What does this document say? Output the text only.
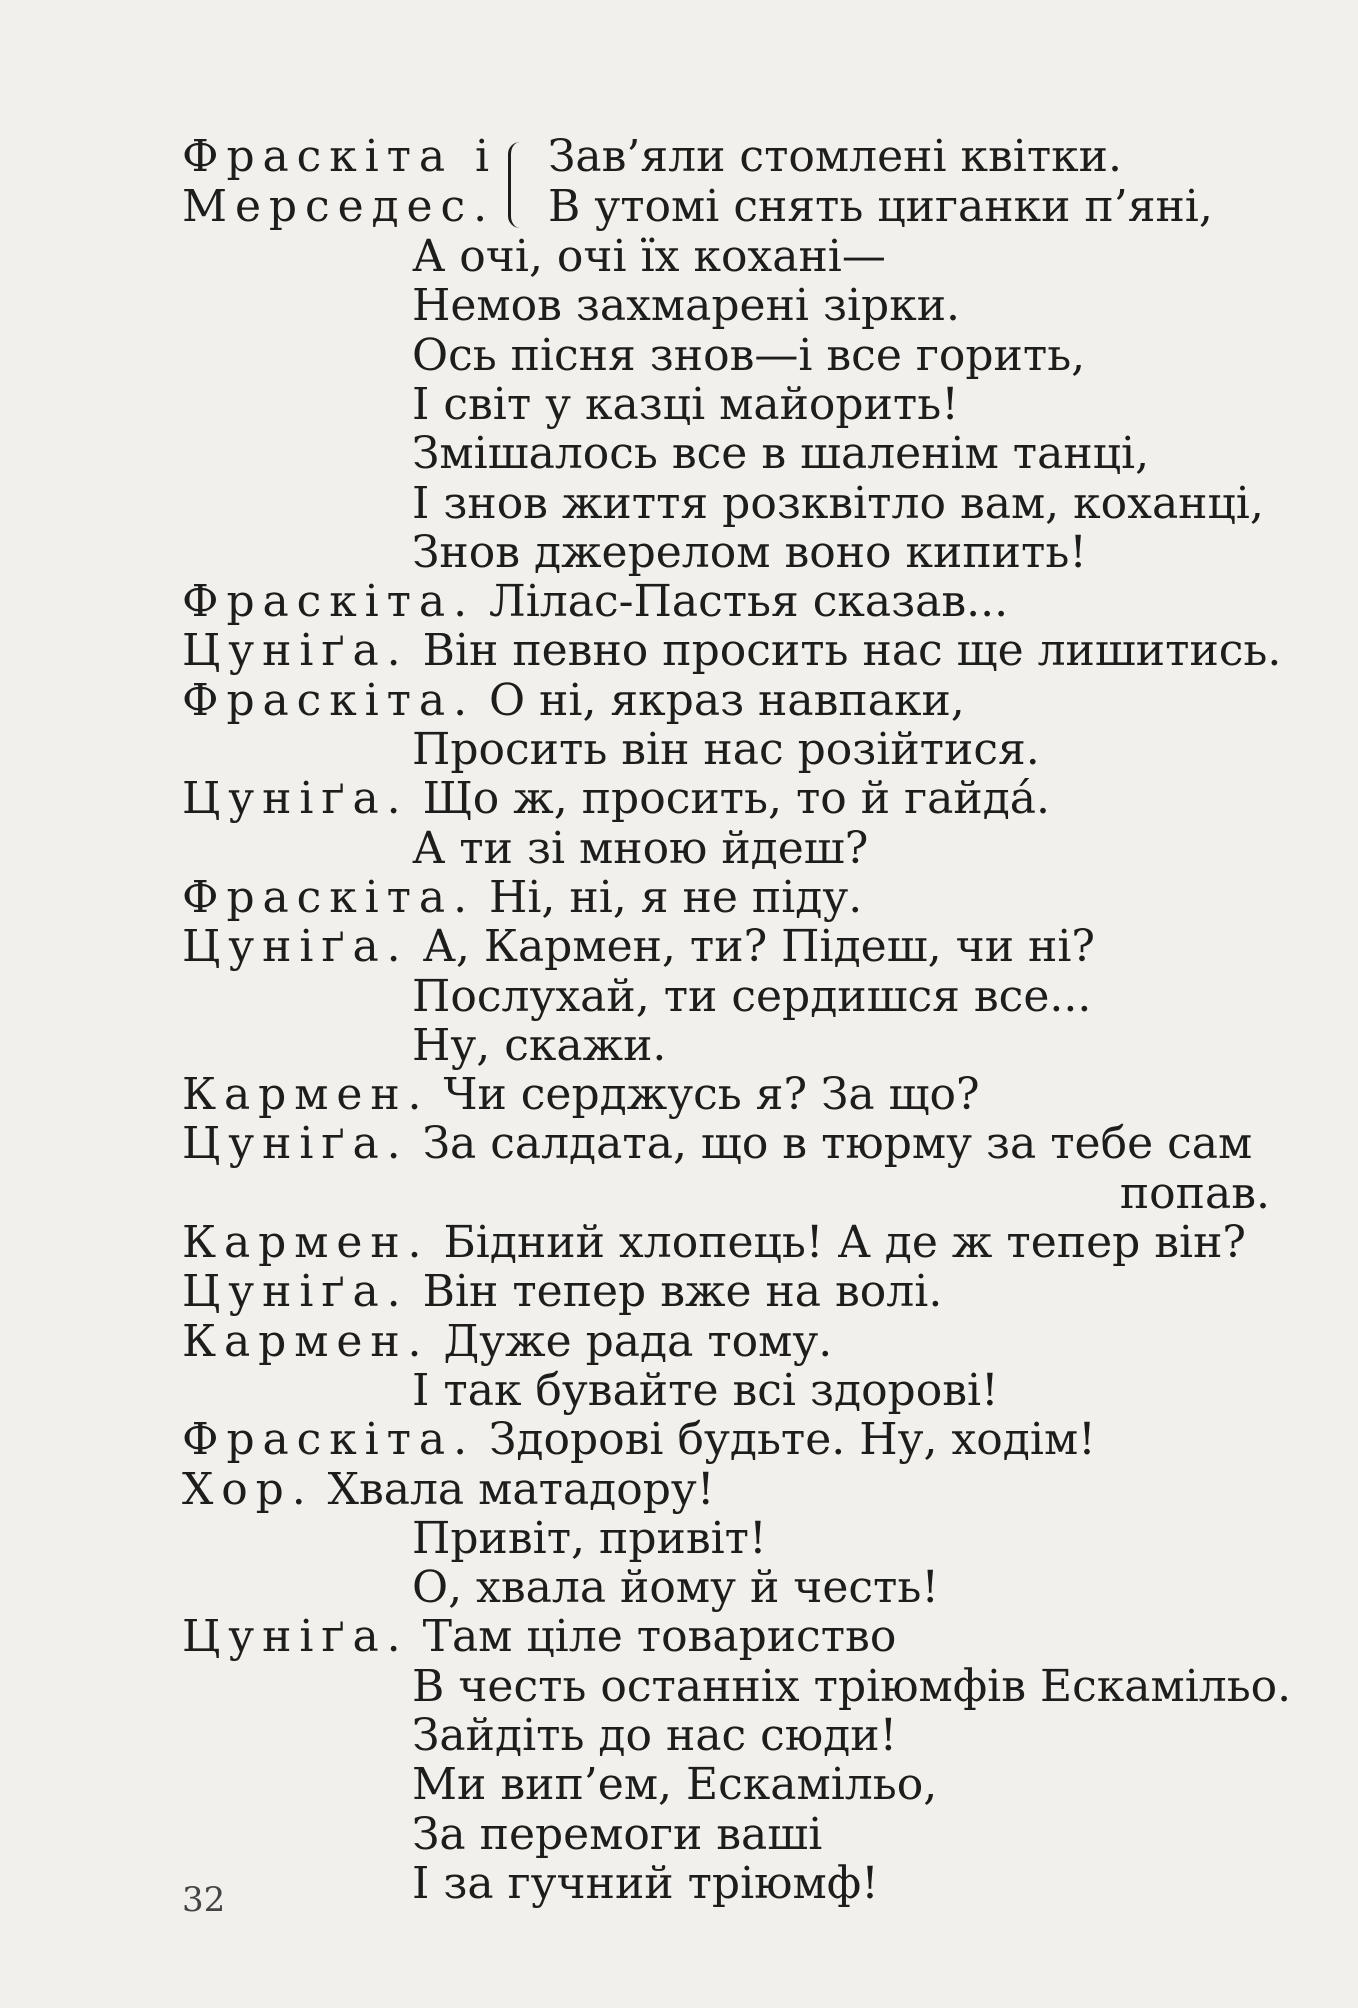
Фраскіта і
Мерседес.
Зав’яли стомлені квітки.
В утомі снять циганки п’яні,
А очі, очі їх кохані—
Немов захмарені зірки.
Ось пісня знов—і все горить,
І світ у казці майорить!
Змішалось все в шаленім танці,
І знов життя розквітло вам, коханці,
Знов джерелом воно кипить!
Фраскіта. Лілас-Пастья сказав...
Цуніґа. Він певно просить нас ще лишитись.
Фраскіта. О ні, якраз навпаки,
Просить він нас розійтися.
Цуніґа. Що ж, просить, то й гайда́.
А ти зі мною йдеш?
Фраскіта. Ні, ні, я не піду.
Цуніґа. А, Кармен, ти? Підеш, чи ні?
Послухай, ти сердишся все...
Ну, скажи.
Кармен. Чи серджусь я? За що?
Цуніґа. За салдата, що в тюрму за тебе сам
попав.
Кармен. Бідний хлопець! А де ж тепер він?
Цуніґа. Він тепер вже на волі.
Кармен. Дуже рада тому.
І так бувайте всі здорові!
Фраскіта. Здорові будьте. Ну, ходім!
Хор. Хвала матадору!
Привіт, привіт!
О, хвала йому й честь!
Цуніґа. Там ціле товариство
В честь останніх тріюмфів Ескамільо.
Зайдіть до нас сюди!
Ми вип’ем, Ескамільо,
За перемоги ваші
І за гучний тріюмф!
32
